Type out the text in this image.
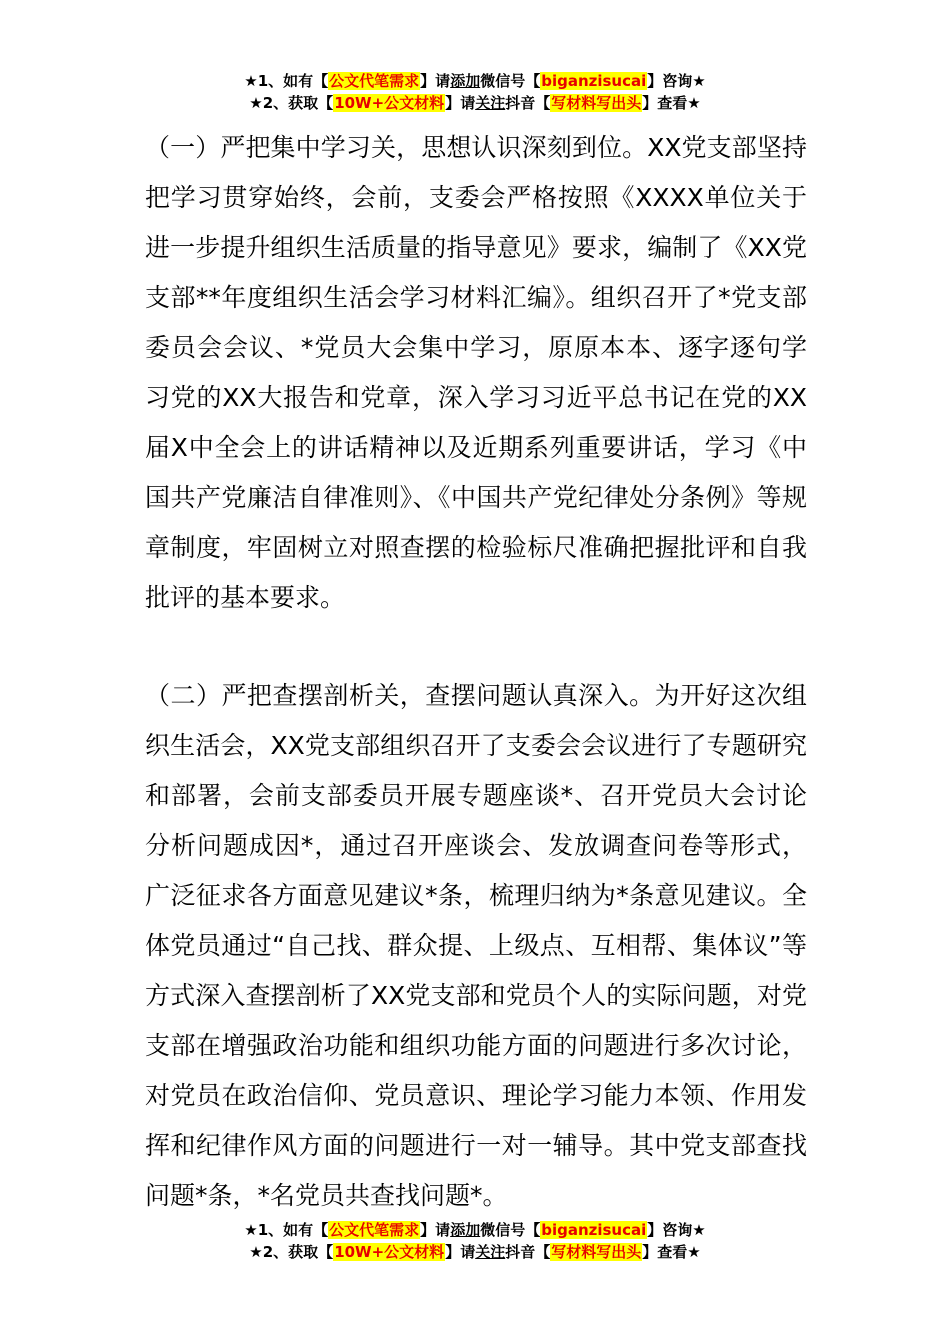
★1、如有【公文代笔需求】请添加微信号【biganzisucai】咨询★
★2、获取【10W+公文材料】请关注抖音【写材料写出头】查看★

（一）严把集中学习关，思想认识深刻到位。XX党支部坚持把学习贯穿始终，会前，支委会严格按照《XXXX单位关于进一步提升组织生活质量的指导意见》要求，编制了《XX党支部**年度组织生活会学习材料汇编》。组织召开了*党支部委员会会议、*党员大会集中学习，原原本本、逐字逐句学习党的XX大报告和党章，深入学习习近平总书记在党的XX届X中全会上的讲话精神以及近期系列重要讲话，学习《中国共产党廉洁自律准则》、《中国共产党纪律处分条例》等规章制度，牢固树立对照查摆的检验标尺准确把握批评和自我批评的基本要求。

（二）严把查摆剖析关，查摆问题认真深入。为开好这次组织生活会，XX党支部组织召开了支委会会议进行了专题研究和部署，会前支部委员开展专题座谈*、召开党员大会讨论分析问题成因*，通过召开座谈会、发放调查问卷等形式，广泛征求各方面意见建议*条，梳理归纳为*条意见建议。全体党员通过“自己找、群众提、上级点、互相帮、集体议”等方式深入查摆剖析了XX党支部和党员个人的实际问题，对党支部在增强政治功能和组织功能方面的问题进行多次讨论，对党员在政治信仰、党员意识、理论学习能力本领、作用发挥和纪律作风方面的问题进行一对一辅导。其中党支部查找问题*条，*名党员共查找问题*。

★1、如有【公文代笔需求】请添加微信号【biganzisucai】咨询★
★2、获取【10W+公文材料】请关注抖音【写材料写出头】查看★
